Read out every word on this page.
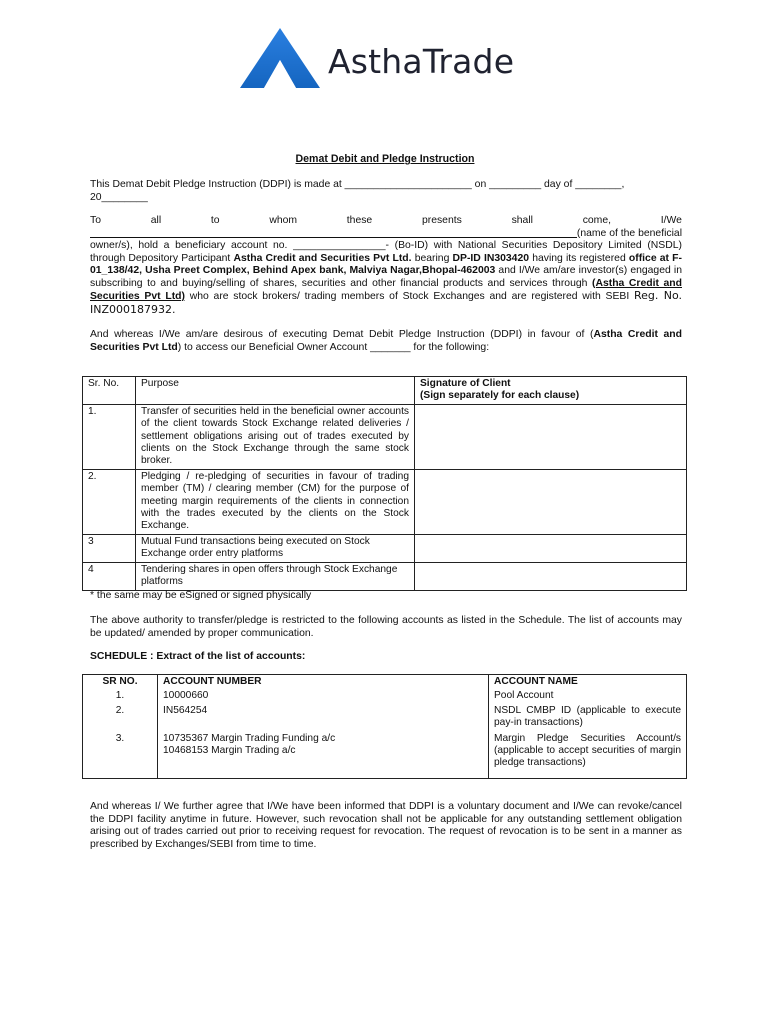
AsthaTrade
Demat Debit and Pledge Instruction
This Demat Debit Pledge Instruction (DDPI) is made at ______________________ on _________ day of ________,
20________
To	all	to	whom	these	presents	shall	come,	I/We
(name of the beneficial
owner/s), hold a beneficiary account no. ________________- (Bo-ID) with National Securities Depository Limited (NSDL) through Depository Participant Astha Credit and Securities Pvt Ltd. bearing DP-ID IN303420 having its registered office at F-01_138/42, Usha Preet Complex, Behind Apex bank, Malviya Nagar,Bhopal-462003 and I/We am/are investor(s) engaged in subscribing to and buying/selling of shares, securities and other financial products and services through (Astha Credit and Securities Pvt Ltd) who are stock brokers/ trading members of Stock Exchanges and are registered with SEBI Reg. No. INZ000187932.
And whereas I/We am/are desirous of executing Demat Debit Pledge Instruction (DDPI) in favour of (Astha Credit and Securities Pvt Ltd) to access our Beneficial Owner Account _______ for the following:
Sr. No.	Purpose	Signature of Client
(Sign separately for each clause)

1.	Transfer of securities held in the beneficial owner accounts of the client towards Stock Exchange related deliveries / settlement obligations arising out of trades executed by clients on the Stock Exchange through the same stock broker.	
2.	Pledging / re-pledging of securities in favour of trading member (TM) / clearing member (CM) for the purpose of meeting margin requirements of the clients in connection with the trades executed by the clients on the Stock Exchange.	
3	Mutual Fund transactions being executed on Stock Exchange order entry platforms	
4	Tendering shares in open offers through Stock Exchange platforms	
* the same may be eSigned or signed physically
The above authority to transfer/pledge is restricted to the following accounts as listed in the Schedule. The list of accounts may be updated/ amended by proper communication.
SCHEDULE : Extract of the list of accounts:
SR NO.	ACCOUNT NUMBER	ACCOUNT NAME
1.	10000660	Pool Account
2.	IN564254	NSDL CMBP ID (applicable to execute pay-in transactions)
3.	10735367 Margin Trading Funding a/c
10468153 Margin Trading a/c	Margin Pledge Securities Account/s (applicable to accept securities of margin pledge transactions)
And whereas I/ We further agree that I/We have been informed that DDPI is a voluntary document and I/We can revoke/cancel the DDPI facility anytime in future. However, such revocation shall not be applicable for any outstanding settlement obligation arising out of trades carried out prior to receiving request for revocation. The request of revocation is to be sent in a manner as prescribed by Exchanges/SEBI from time to time.
